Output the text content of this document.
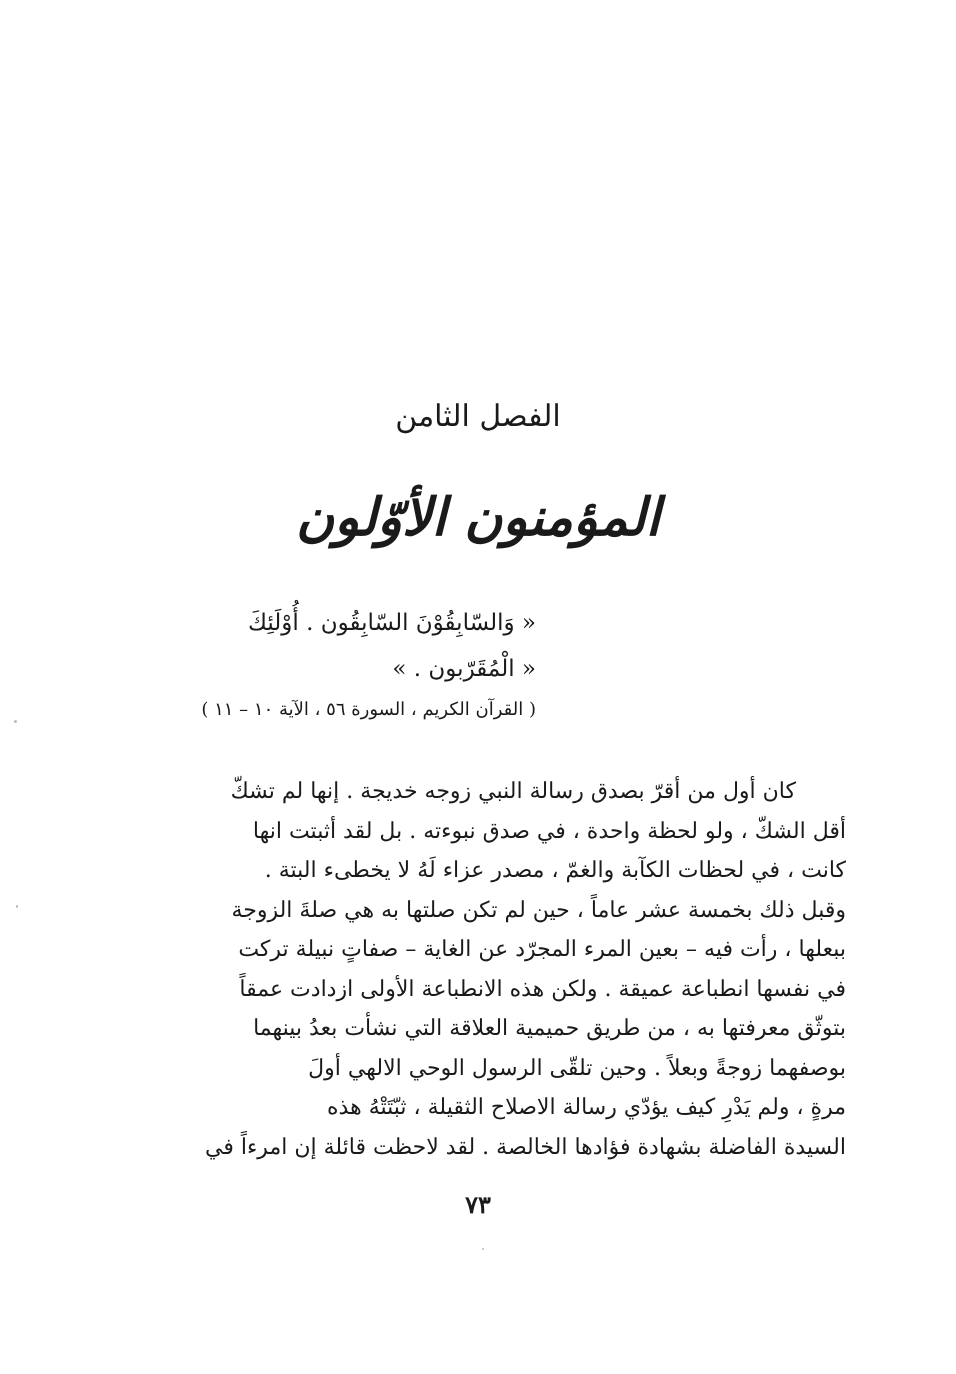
الفصل الثامن
المؤمنون الأوّلون
« وَالسّابِقُوْنَ السّابِقُون . أُوْلَئِكَ
« الْمُقَرّبون . »
( القرآن الكريم ، السورة ٥٦ ، الآية ١٠ – ١١ )
كان أول من أقرّ بصدق رسالة النبي زوجه خديجة . إنها لم تشكّ
أقل الشكّ ، ولو لحظة واحدة ، في صدق نبوءته . بل لقد أثبتت انها
كانت ، في لحظات الكآبة والغمّ ، مصدر عزاء لَهُ لا يخطىء البتة .
وقبل ذلك بخمسة عشر عاماً ، حين لم تكن صلتها به هي صلةَ الزوجة
ببعلها ، رأت فيه – بعين المرء المجرّد عن الغاية – صفاتٍ نبيلة تركت
في نفسها انطباعة عميقة . ولكن هذه الانطباعة الأولى ازدادت عمقاً
بتوثّق معرفتها به ، من طريق حميمية العلاقة التي نشأت بعدُ بينهما
بوصفهما زوجةً وبعلاً . وحين تلقّى الرسول الوحي الالهي أولَ
مرةٍ ، ولم يَدْرِ كيف يؤدّي رسالة الاصلاح الثقيلة ، ثبّتَتْهُ هذه
السيدة الفاضلة بشهادة فؤادها الخالصة . لقد لاحظت قائلة إن امرءاً في
٧٣
